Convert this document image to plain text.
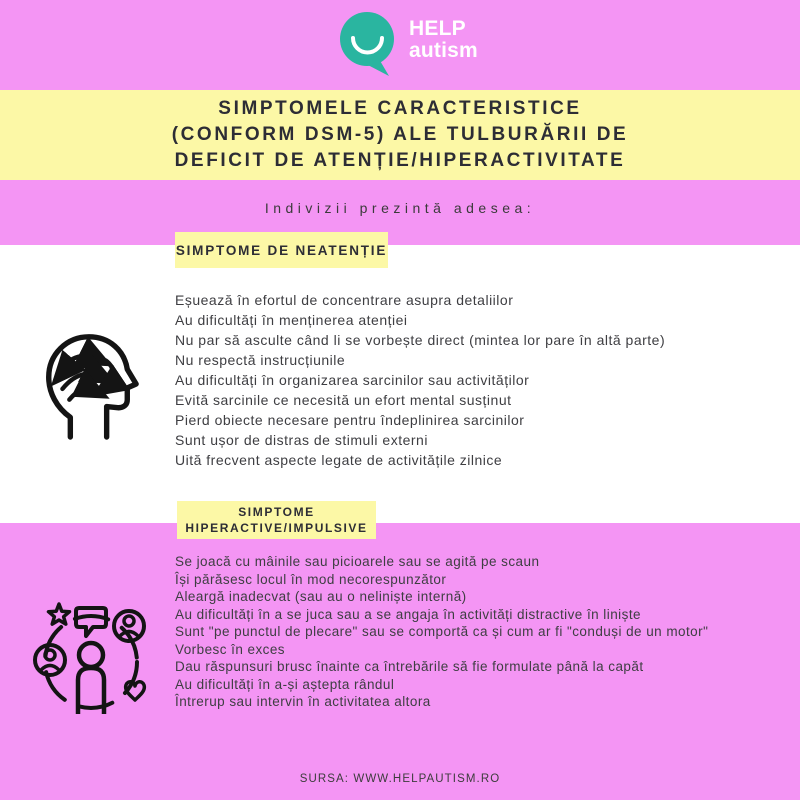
HELP
autism
SIMPTOMELE CARACTERISTICE
(CONFORM DSM-5) ALE TULBURĂRII DE
DEFICIT DE ATENȚIE/HIPERACTIVITATE
Indivizii prezintă adesea:
SIMPTOME DE NEATENȚIE
SIMPTOME
HIPERACTIVE/IMPULSIVE
Eșuează în efortul de concentrare asupra detaliilor
Au dificultăți în menținerea atenției
Nu par să asculte când li se vorbește direct (mintea lor pare în altă parte)
Nu respectă instrucțiunile
Au dificultăți în organizarea sarcinilor sau activităților
Evită sarcinile ce necesită un efort mental susținut
Pierd obiecte necesare pentru îndeplinirea sarcinilor
Sunt ușor de distras de stimuli externi
Uită frecvent aspecte legate de activitățile zilnice
Se joacă cu mâinile sau picioarele sau se agită pe scaun
Își părăsesc locul în mod necorespunzător
Aleargă inadecvat (sau au o neliniște internă)
Au dificultăți în a se juca sau a se angaja în activități distractive în liniște
Sunt "pe punctul de plecare" sau se comportă ca și cum ar fi "conduși de un motor"
Vorbesc în exces
Dau răspunsuri brusc înainte ca întrebările să fie formulate până la capăt
Au dificultăți în a-și aștepta rândul
Întrerup sau intervin în activitatea altora
SURSA: WWW.HELPAUTISM.RO
